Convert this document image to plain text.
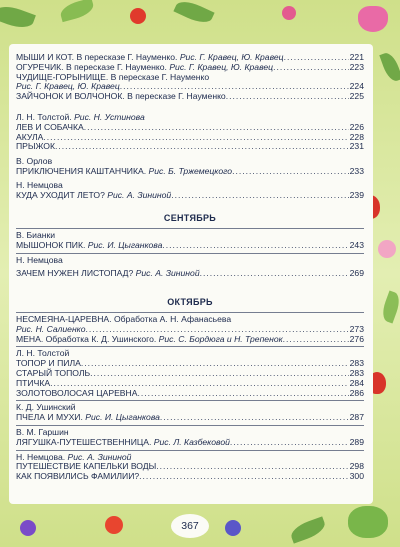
МЫШИ И КОТ. В пересказе Г. Науменко. Рис. Г. Кравец, Ю. Кравец .....	221
ОГУРЕЧИК. В пересказе Г. Науменко. Рис. Г. Кравец, Ю. Кравец .....	223
ЧУДИЩЕ-ГОРЫНИЩЕ. В пересказе Г. Науменко
Рис. Г. Кравец, Ю. Кравец .....	224
ЗАЙЧОНОК И ВОЛЧОНОК. В пересказе Г. Науменко .....	225
Л. Н. Толстой. Рис. Н. Устинова
ЛЕВ И СОБАЧКА .....	226
АКУЛА .....	228
ПРЫЖОК .....	231
В. Орлов
ПРИКЛЮЧЕНИЯ КАШТАНЧИКА. Рис. Б. Тржемецкого .....	233
Н. Немцова
КУДА УХОДИТ ЛЕТО? Рис. А. Зининой .....	239
СЕНТЯБРЬ
В. Бианки
МЫШОНОК ПИК. Рис. И. Цыганкова .....	243
Н. Немцова
ЗАЧЕМ НУЖЕН ЛИСТОПАД? Рис. А. Зининой .....	269
ОКТЯБРЬ
НЕСМЕЯНА-ЦАРЕВНА. Обработка А. Н. Афанасьева
Рис. Н. Салиенко .....	273
МЕНА. Обработка К. Д. Ушинского. Рис. С. Бордюга и Н. Трепенок .....	276
Л. Н. Толстой
ТОПОР И ПИЛА .....	283
СТАРЫЙ ТОПОЛЬ .....	283
ПТИЧКА .....	284
ЗОЛОТОВОЛОСАЯ ЦАРЕВНА .....	286
К. Д. Ушинский
ПЧЕЛА И МУХИ. Рис. И. Цыганкова .....	287
В. М. Гаршин
ЛЯГУШКА-ПУТЕШЕСТВЕННИЦА. Рис. Л. Казбековой .....	289
Н. Немцова. Рис. А. Зининой
ПУТЕШЕСТВИЕ КАПЕЛЬКИ ВОДЫ .....	298
КАК ПОЯВИЛИСЬ ФАМИЛИИ? .....	300
367
